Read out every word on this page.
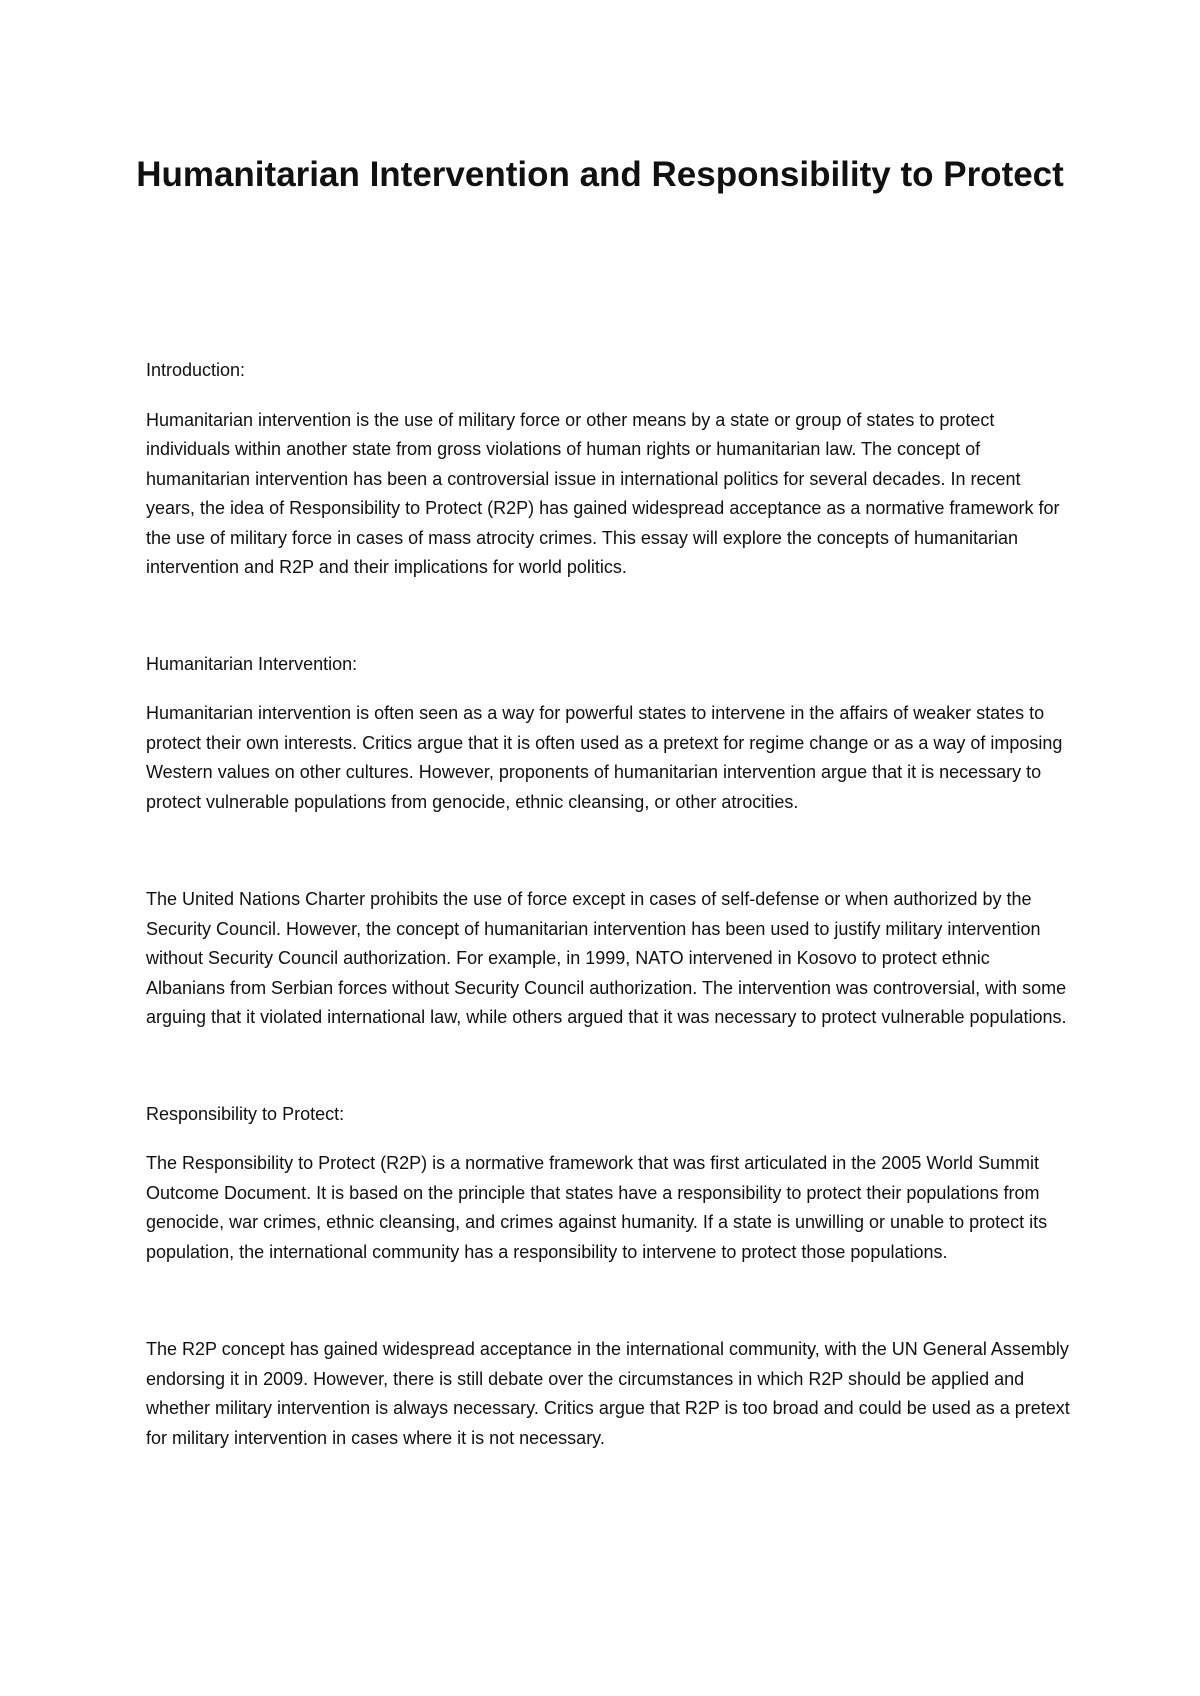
Humanitarian Intervention and Responsibility to Protect

Introduction:

Humanitarian intervention is the use of military force or other means by a state or group of states to protect individuals within another state from gross violations of human rights or humanitarian law. The concept of humanitarian intervention has been a controversial issue in international politics for several decades. In recent years, the idea of Responsibility to Protect (R2P) has gained widespread acceptance as a normative framework for the use of military force in cases of mass atrocity crimes. This essay will explore the concepts of humanitarian intervention and R2P and their implications for world politics.

Humanitarian Intervention:

Humanitarian intervention is often seen as a way for powerful states to intervene in the affairs of weaker states to protect their own interests. Critics argue that it is often used as a pretext for regime change or as a way of imposing Western values on other cultures. However, proponents of humanitarian intervention argue that it is necessary to protect vulnerable populations from genocide, ethnic cleansing, or other atrocities.

The United Nations Charter prohibits the use of force except in cases of self-defense or when authorized by the Security Council. However, the concept of humanitarian intervention has been used to justify military intervention without Security Council authorization. For example, in 1999, NATO intervened in Kosovo to protect ethnic Albanians from Serbian forces without Security Council authorization. The intervention was controversial, with some arguing that it violated international law, while others argued that it was necessary to protect vulnerable populations.

Responsibility to Protect:

The Responsibility to Protect (R2P) is a normative framework that was first articulated in the 2005 World Summit Outcome Document. It is based on the principle that states have a responsibility to protect their populations from genocide, war crimes, ethnic cleansing, and crimes against humanity. If a state is unwilling or unable to protect its population, the international community has a responsibility to intervene to protect those populations.

The R2P concept has gained widespread acceptance in the international community, with the UN General Assembly endorsing it in 2009. However, there is still debate over the circumstances in which R2P should be applied and whether military intervention is always necessary. Critics argue that R2P is too broad and could be used as a pretext for military intervention in cases where it is not necessary.
